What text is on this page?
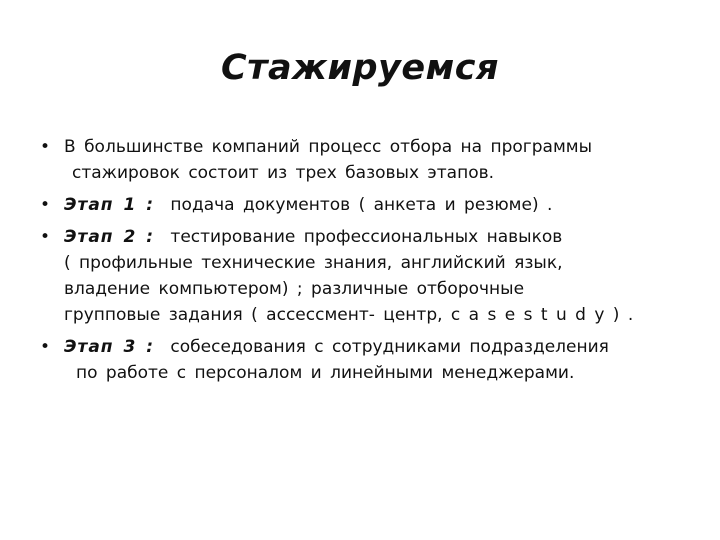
Стажируемся
• В большинстве компаний процесс отбора на программы
стажировок состоит из трех базовых этапов.
• Этап 1 : подача документов ( анкета и резюме) .
• Этап 2 : тестирование профессиональных навыков
( профильные технические знания, английский язык,
владение компьютером) ; различные отборочные
групповые задания ( ассессмент- центр, c a s e s t u d y ) .
• Этап 3 : собеседования с сотрудниками подразделения
по работе с персоналом и линейными менеджерами.
